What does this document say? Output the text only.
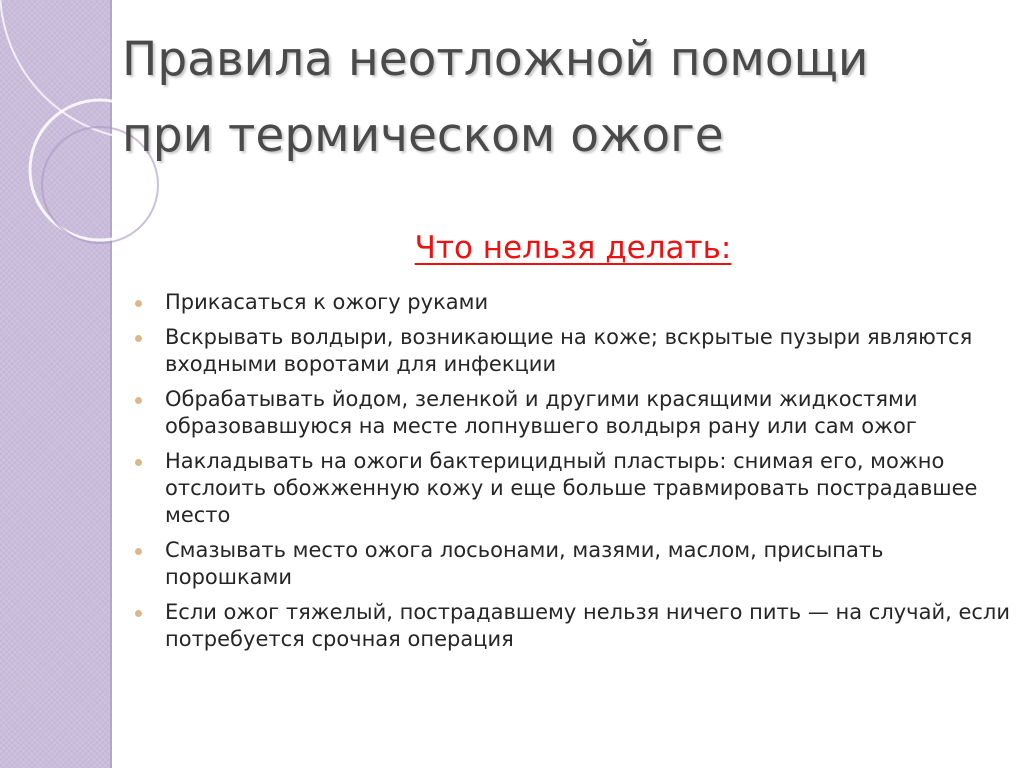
Правила неотложной помощи
при термическом ожоге
Что нельзя делать:
Прикасаться к ожогу руками
Вскрывать волдыри, возникающие на коже; вскрытые пузыри являются входными воротами для инфекции
Обрабатывать йодом, зеленкой и другими красящими жидкостями образовавшуюся на месте лопнувшего волдыря рану или сам ожог
Накладывать на ожоги бактерицидный пластырь: снимая его, можно отслоить обожженную кожу и еще больше травмировать пострадавшее место
Смазывать место ожога лосьонами, мазями, маслом, присыпать порошками
Если ожог тяжелый, пострадавшему нельзя ничего пить — на случай, если потребуется срочная операция
